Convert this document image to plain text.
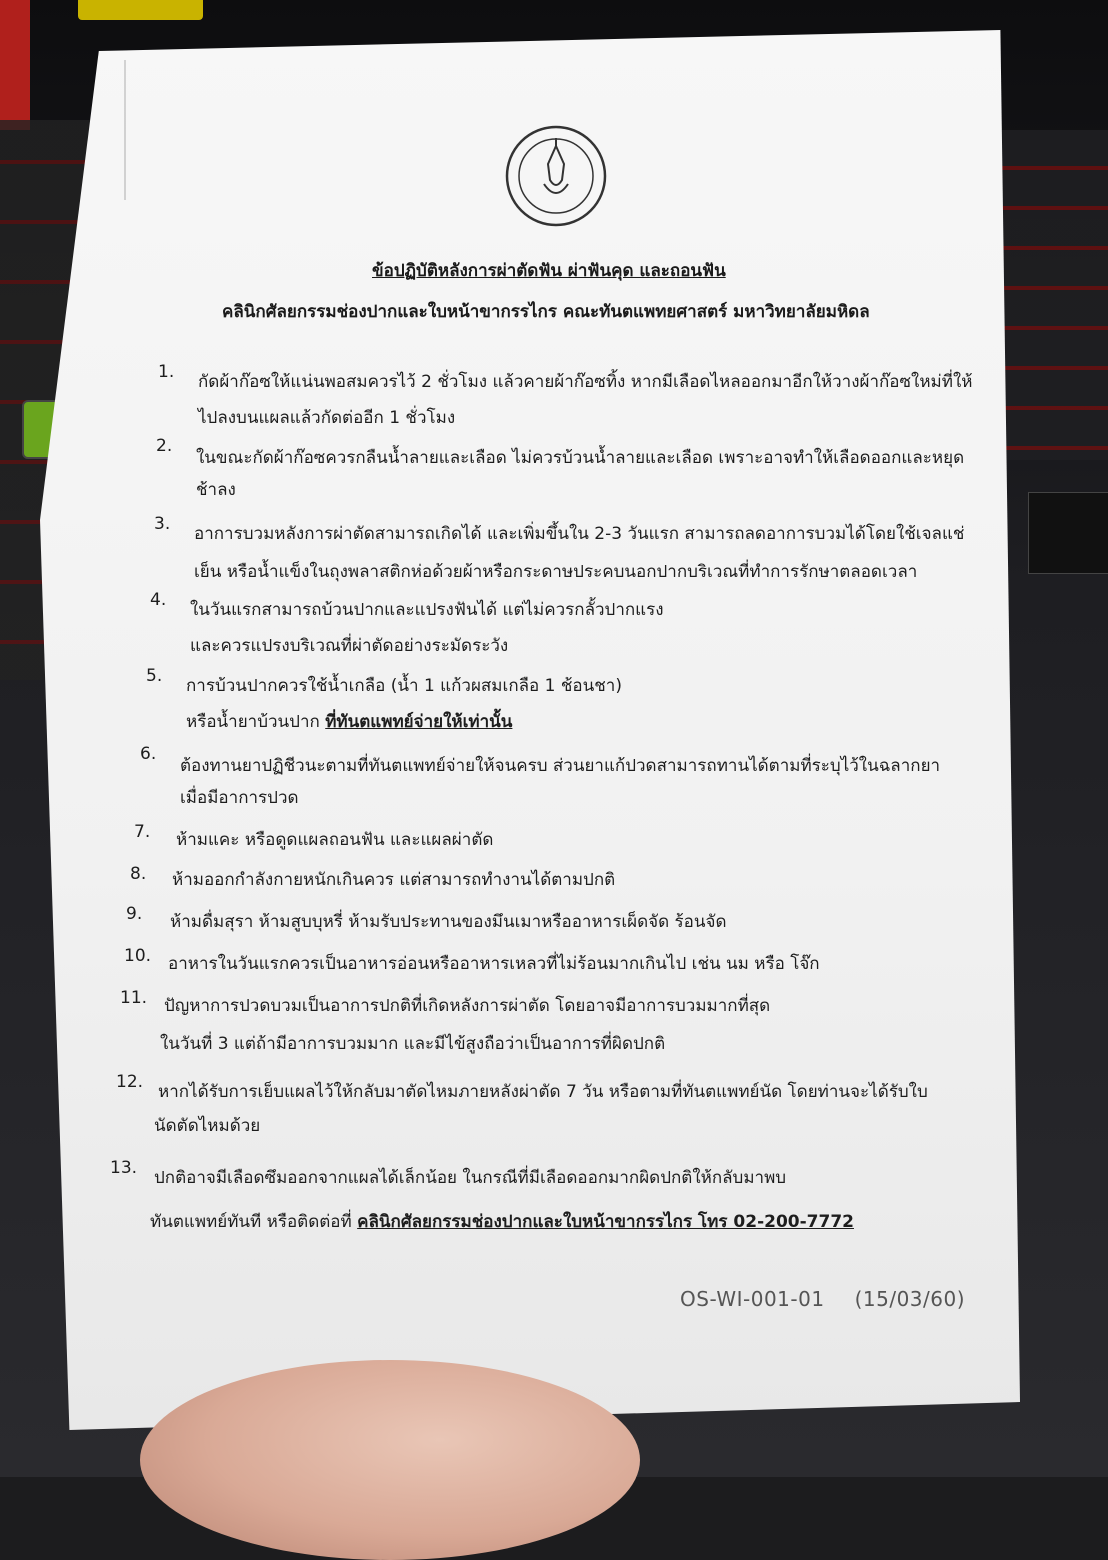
ข้อปฏิบัติหลังการผ่าตัดฟัน ผ่าฟันคุด และถอนฟัน
คลินิกศัลยกรรมช่องปากและใบหน้าขากรรไกร คณะทันตแพทยศาสตร์ มหาวิทยาลัยมหิดล
1. กัดผ้าก๊อซให้แน่นพอสมควรไว้ 2 ชั่วโมง แล้วคายผ้าก๊อซทิ้ง หากมีเลือดไหลออกมาอีกให้วางผ้าก๊อซใหม่ที่ให้
ไปลงบนแผลแล้วกัดต่ออีก 1 ชั่วโมง
2.
ในขณะกัดผ้าก๊อซควรกลืนน้ำลายและเลือด ไม่ควรบ้วนน้ำลายและเลือด เพราะอาจทำให้เลือดออกและหยุด
ช้าลง
3. อาการบวมหลังการผ่าตัดสามารถเกิดได้ และเพิ่มขึ้นใน 2-3 วันแรก สามารถลดอาการบวมได้โดยใช้เจลแช่
เย็น หรือน้ำแข็งในถุงพลาสติกห่อด้วยผ้าหรือกระดาษประคบนอกปากบริเวณที่ทำการรักษาตลอดเวลา
4. ในวันแรกสามารถบ้วนปากและแปรงฟันได้ แต่ไม่ควรกลั้วปากแรง
และควรแปรงบริเวณที่ผ่าตัดอย่างระมัดระวัง
5. การบ้วนปากควรใช้น้ำเกลือ (น้ำ 1 แก้วผสมเกลือ 1 ช้อนชา)
หรือน้ำยาบ้วนปาก ที่ทันตแพทย์จ่ายให้เท่านั้น
6.
ต้องทานยาปฏิชีวนะตามที่ทันตแพทย์จ่ายให้จนครบ ส่วนยาแก้ปวดสามารถทานได้ตามที่ระบุไว้ในฉลากยา
เมื่อมีอาการปวด
7. ห้ามแคะ หรือดูดแผลถอนฟัน และแผลผ่าตัด
8. ห้ามออกกำลังกายหนักเกินควร แต่สามารถทำงานได้ตามปกติ
9. ห้ามดื่มสุรา ห้ามสูบบุหรี่ ห้ามรับประทานของมึนเมาหรืออาหารเผ็ดจัด ร้อนจัด
10. อาหารในวันแรกควรเป็นอาหารอ่อนหรืออาหารเหลวที่ไม่ร้อนมากเกินไป เช่น นม หรือ โจ๊ก
11. ปัญหาการปวดบวมเป็นอาการปกติที่เกิดหลังการผ่าตัด โดยอาจมีอาการบวมมากที่สุด
ในวันที่ 3 แต่ถ้ามีอาการบวมมาก และมีไข้สูงถือว่าเป็นอาการที่ผิดปกติ
12. หากได้รับการเย็บแผลไว้ให้กลับมาตัดไหมภายหลังผ่าตัด 7 วัน หรือตามที่ทันตแพทย์นัด โดยท่านจะได้รับใบ
นัดตัดไหมด้วย
13. ปกติอาจมีเลือดซึมออกจากแผลได้เล็กน้อย ในกรณีที่มีเลือดออกมากผิดปกติให้กลับมาพบ
ทันตแพทย์ทันที หรือติดต่อที่ คลินิกศัลยกรรมช่องปากและใบหน้าขากรรไกร โทร 02-200-7772
OS-WI-001-01 (15/03/60)
